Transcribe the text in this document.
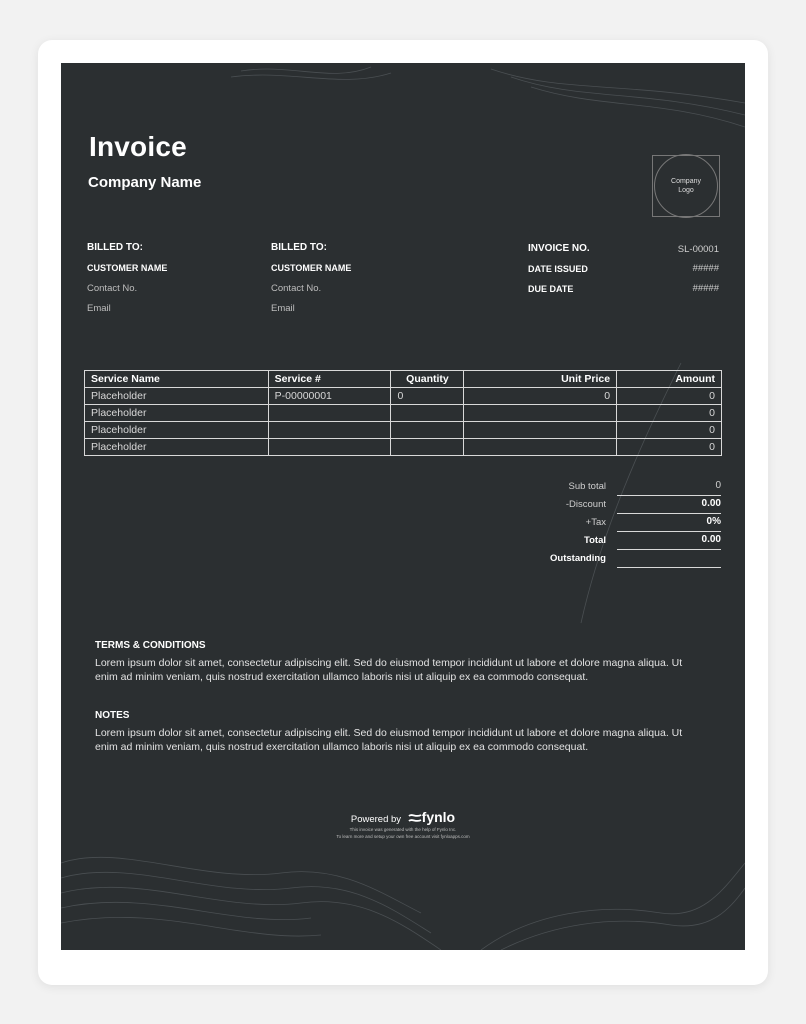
Invoice
Company Name	Company
Logo
BILLED TO:
CUSTOMER NAME
Contact No.
Email
BILLED TO:
CUSTOMER NAME
Contact No.
Email
INVOICE NO.	SL-00001
DATE ISSUED	#####
DUE DATE	#####
Service Name	Service #	Quantity	Unit Price	Amount
Placeholder	P-00000001	0	0	0
Placeholder				0
Placeholder				0
Placeholder				0
Sub total	0
-Discount	0.00
+Tax	0%
Total	0.00
Outstanding
TERMS & CONDITIONS
Lorem ipsum dolor sit amet, consectetur adipiscing elit. Sed do eiusmod tempor incididunt ut labore et dolore magna aliqua. Ut enim ad minim veniam, quis nostrud exercitation ullamco laboris nisi ut aliquip ex ea commodo consequat.
NOTES
Lorem ipsum dolor sit amet, consectetur adipiscing elit. Sed do eiusmod tempor incididunt ut labore et dolore magna aliqua. Ut enim ad minim veniam, quis nostrud exercitation ullamco laboris nisi ut aliquip ex ea commodo consequat.
Powered by fynlo
This invoice was generated with the help of Fynlo Inc.
To learn more and setup your own free account visit fynloapps.com
